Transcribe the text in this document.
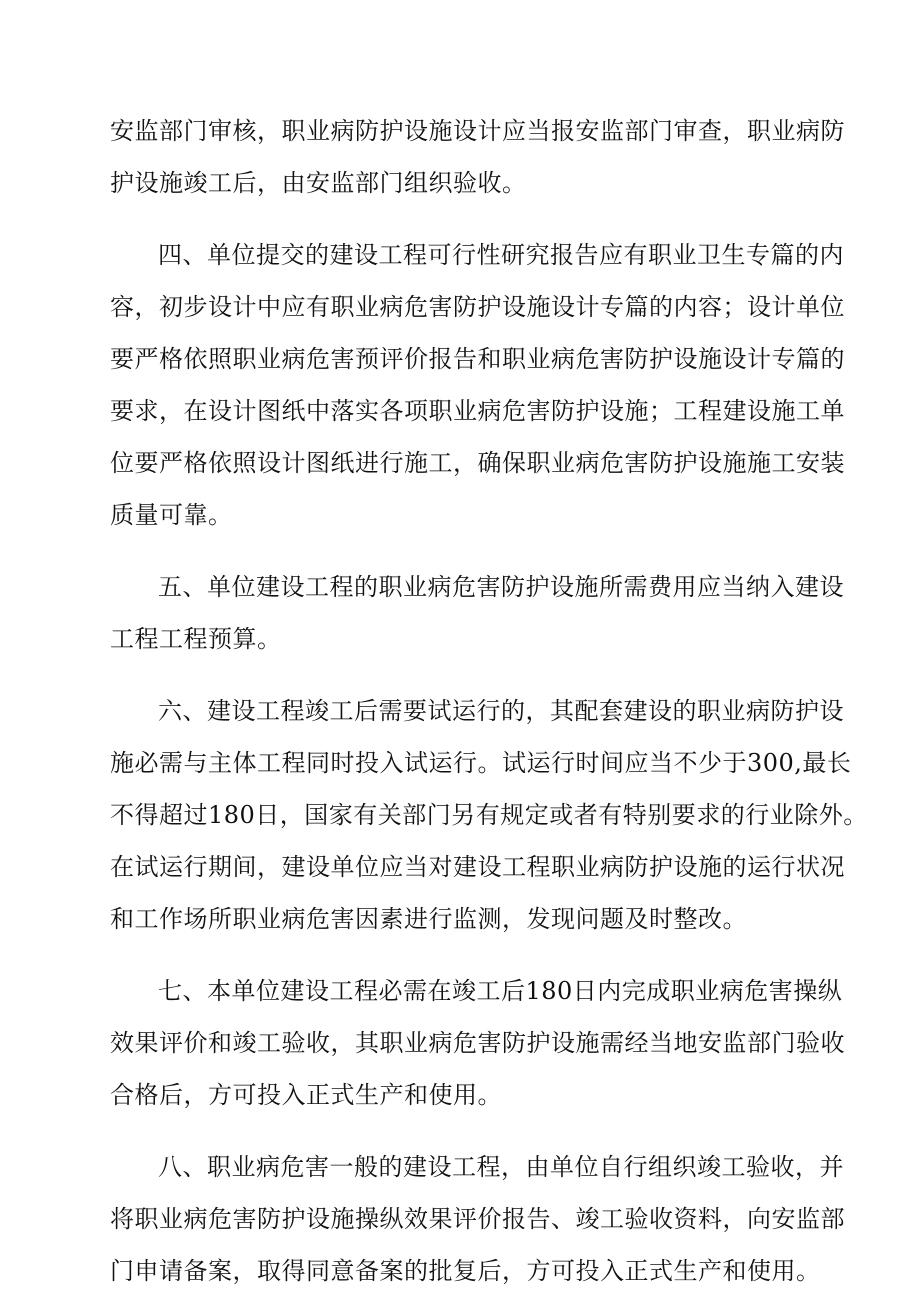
安监部门审核，职业病防护设施设计应当报安监部门审查，职业病防
护设施竣工后，由安监部门组织验收。
四、单位提交的建设工程可行性研究报告应有职业卫生专篇的内
容，初步设计中应有职业病危害防护设施设计专篇的内容；设计单位
要严格依照职业病危害预评价报告和职业病危害防护设施设计专篇的
要求，在设计图纸中落实各项职业病危害防护设施；工程建设施工单
位要严格依照设计图纸进行施工，确保职业病危害防护设施施工安装
质量可靠。
五、单位建设工程的职业病危害防护设施所需费用应当纳入建设
工程工程预算。
六、建设工程竣工后需要试运行的，其配套建设的职业病防护设
施必需与主体工程同时投入试运行。试运行时间应当不少于300,最长
不得超过180日，国家有关部门另有规定或者有特别要求的行业除外。
在试运行期间，建设单位应当对建设工程职业病防护设施的运行状况
和工作场所职业病危害因素进行监测，发现问题及时整改。
七、本单位建设工程必需在竣工后180日内完成职业病危害操纵
效果评价和竣工验收，其职业病危害防护设施需经当地安监部门验收
合格后，方可投入正式生产和使用。
八、职业病危害一般的建设工程，由单位自行组织竣工验收，并
将职业病危害防护设施操纵效果评价报告、竣工验收资料，向安监部
门申请备案，取得同意备案的批复后，方可投入正式生产和使用。
